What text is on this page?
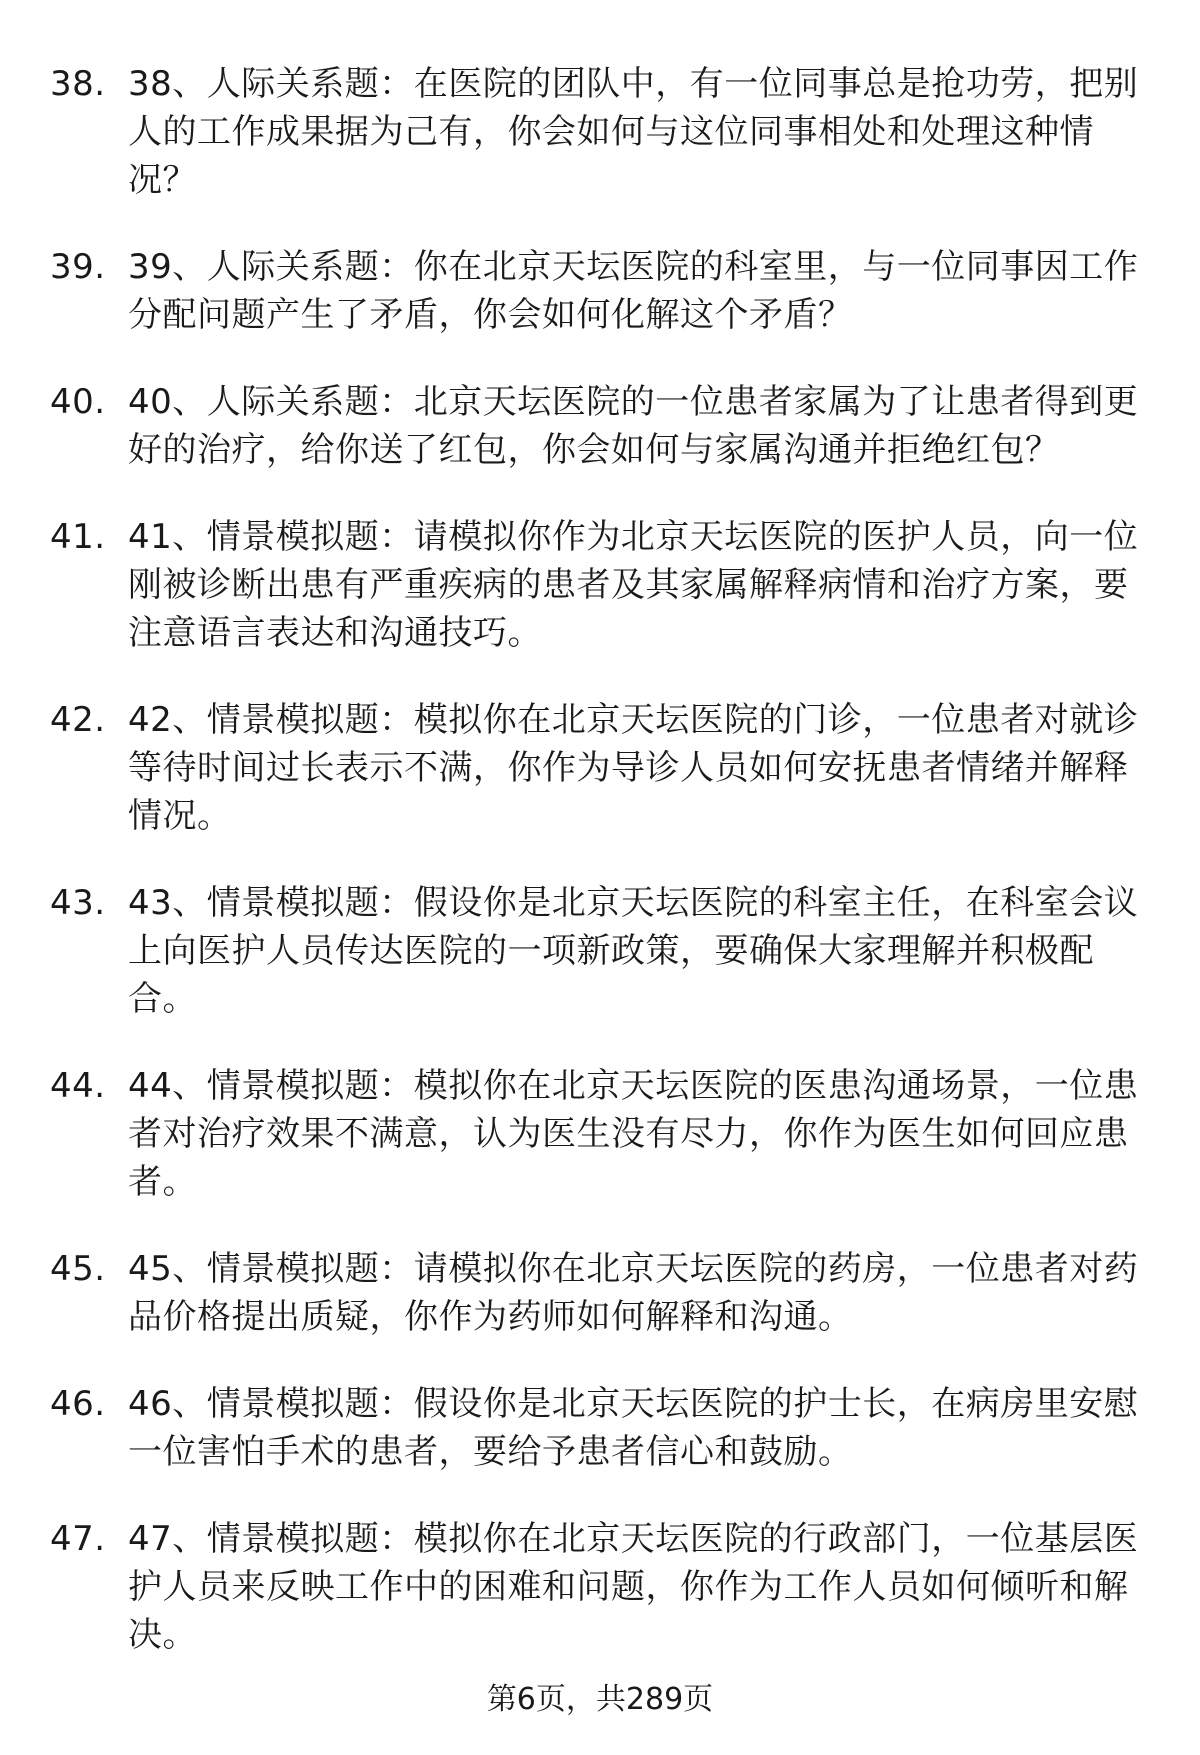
38. 38、人际关系题：在医院的团队中，有一位同事总是抢功劳，把别人的工作成果据为己有，你会如何与这位同事相处和处理这种情况？
39. 39、人际关系题：你在北京天坛医院的科室里，与一位同事因工作分配问题产生了矛盾，你会如何化解这个矛盾？
40. 40、人际关系题：北京天坛医院的一位患者家属为了让患者得到更好的治疗，给你送了红包，你会如何与家属沟通并拒绝红包？
41. 41、情景模拟题：请模拟你作为北京天坛医院的医护人员，向一位刚被诊断出患有严重疾病的患者及其家属解释病情和治疗方案，要注意语言表达和沟通技巧。
42. 42、情景模拟题：模拟你在北京天坛医院的门诊，一位患者对就诊等待时间过长表示不满，你作为导诊人员如何安抚患者情绪并解释情况。
43. 43、情景模拟题：假设你是北京天坛医院的科室主任，在科室会议上向医护人员传达医院的一项新政策，要确保大家理解并积极配合。
44. 44、情景模拟题：模拟你在北京天坛医院的医患沟通场景，一位患者对治疗效果不满意，认为医生没有尽力，你作为医生如何回应患者。
45. 45、情景模拟题：请模拟你在北京天坛医院的药房，一位患者对药品价格提出质疑，你作为药师如何解释和沟通。
46. 46、情景模拟题：假设你是北京天坛医院的护士长，在病房里安慰一位害怕手术的患者，要给予患者信心和鼓励。
47. 47、情景模拟题：模拟你在北京天坛医院的行政部门，一位基层医护人员来反映工作中的困难和问题，你作为工作人员如何倾听和解决。
第6页，共289页
